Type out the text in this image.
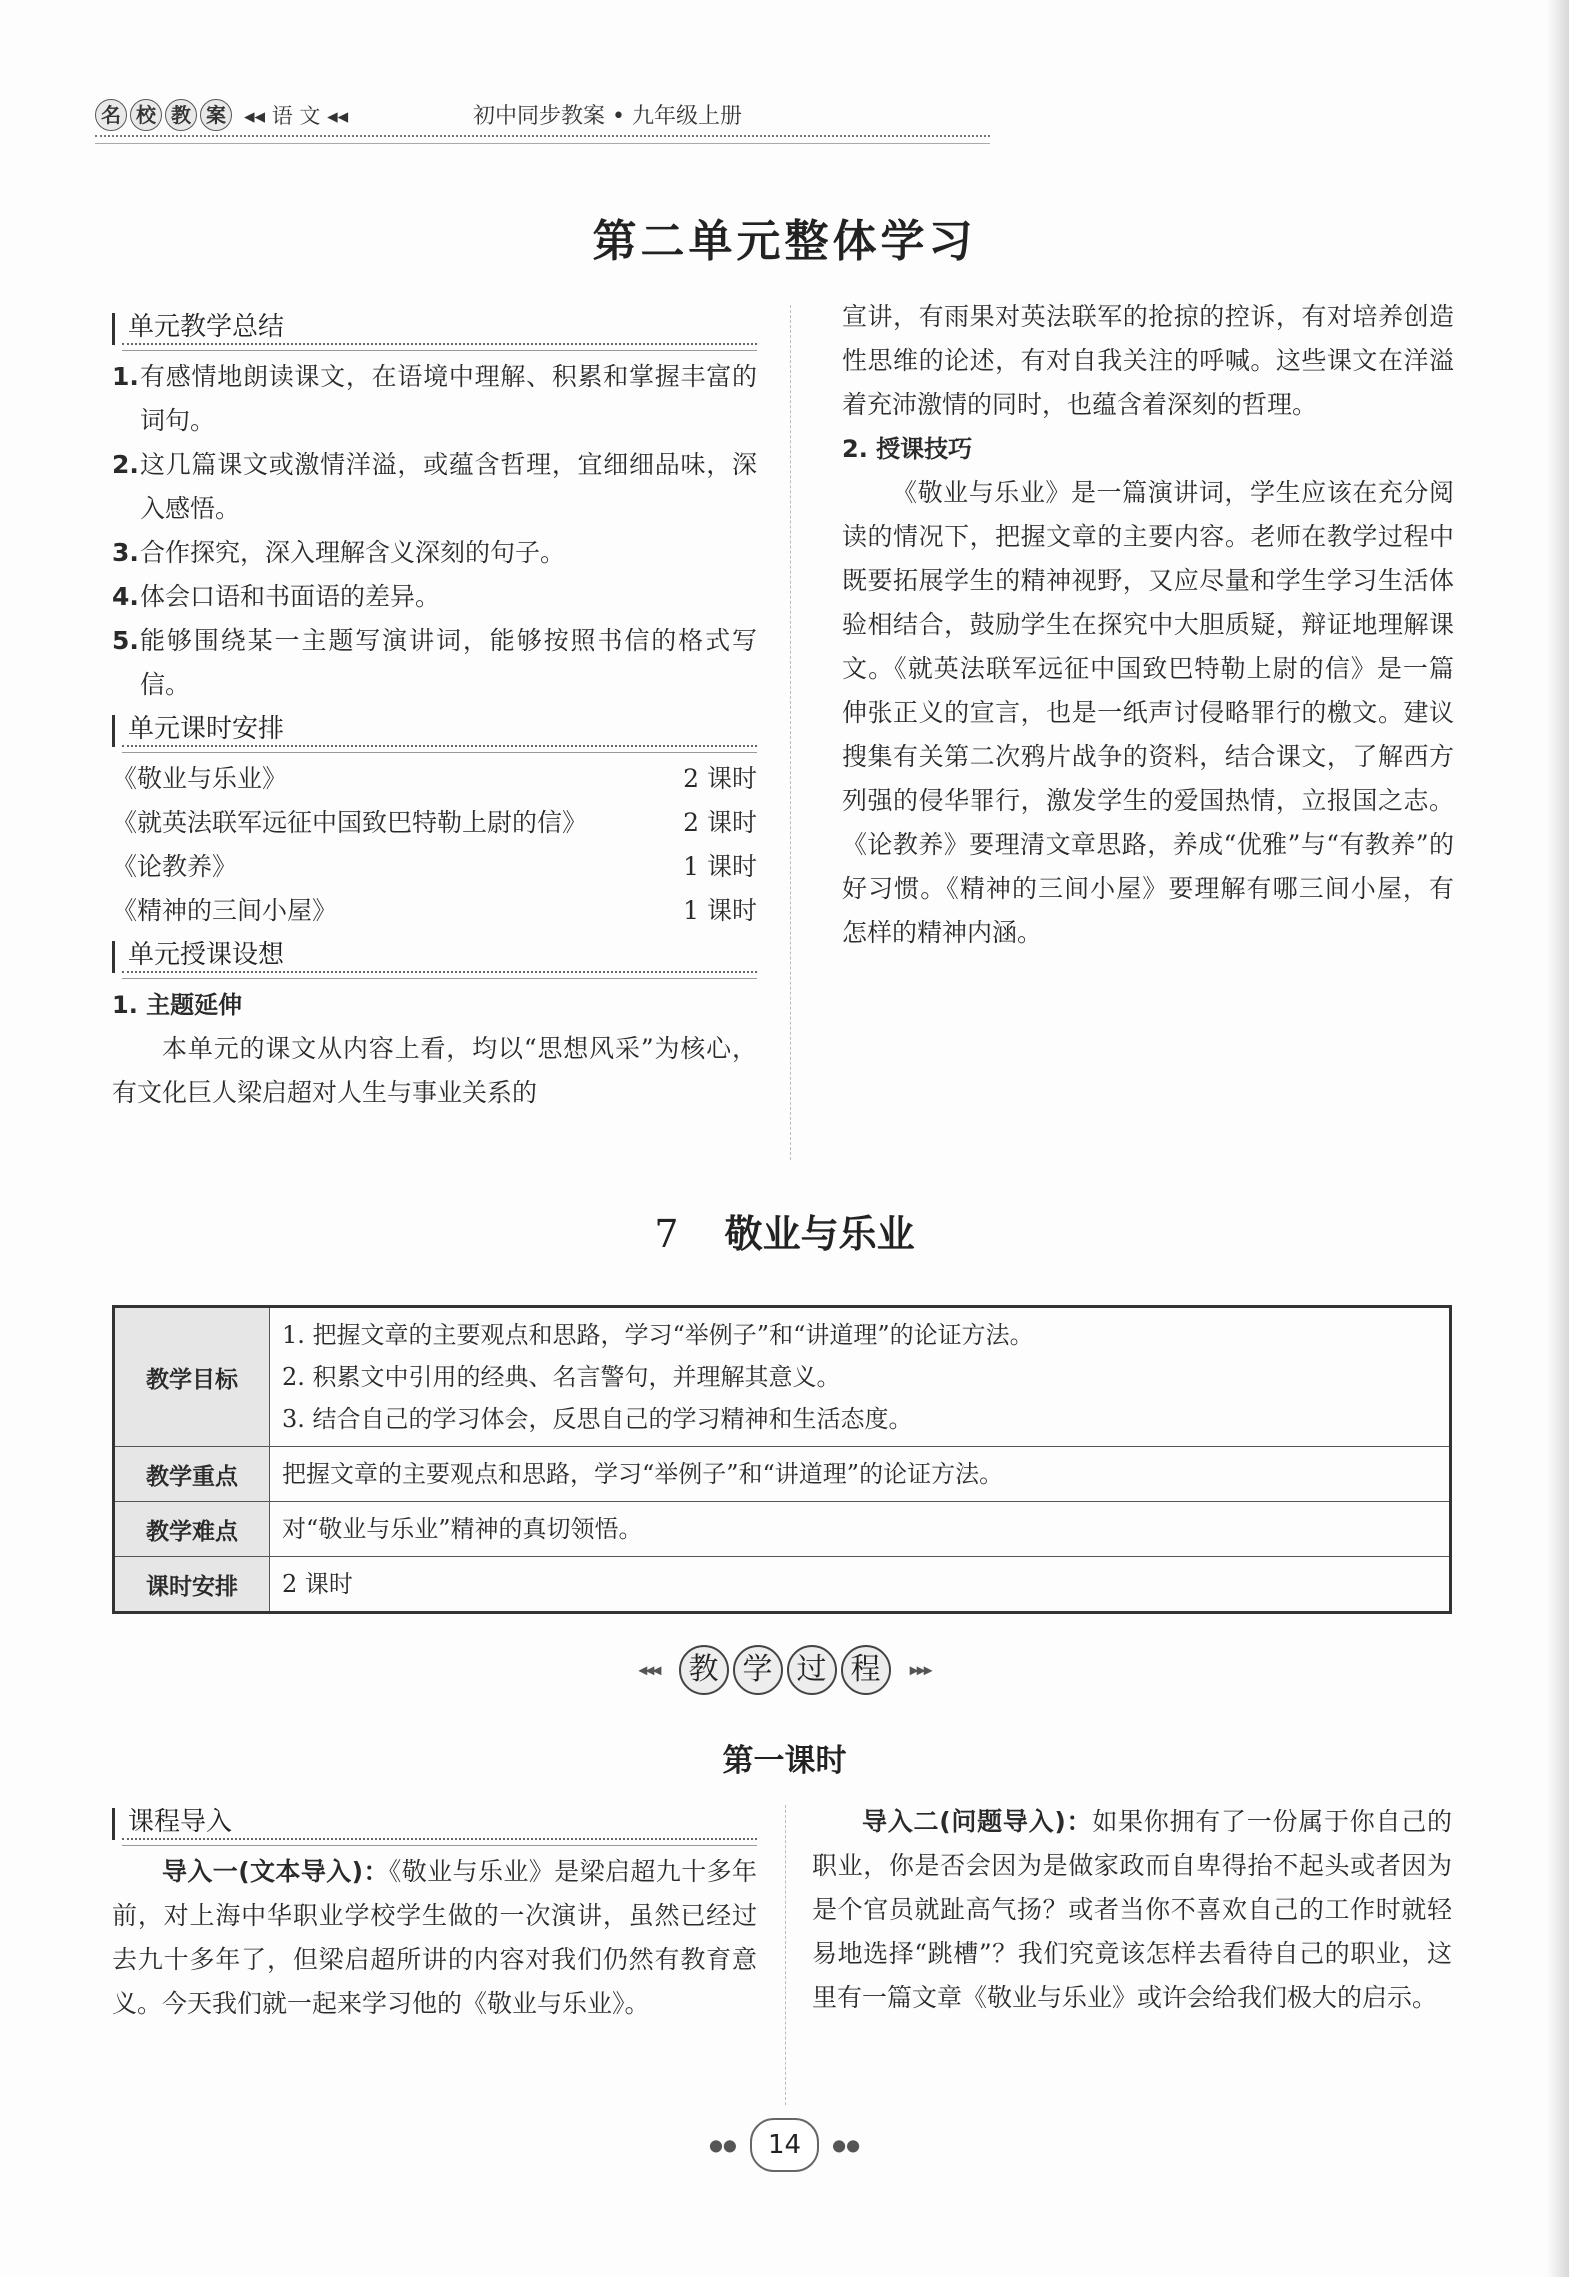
名 校 教 案 ◂◂ 语 文 ◂◂	初中同步教案 • 九年级上册
第二单元整体学习
单元教学总结
1. 有感情地朗读课文，在语境中理解、积累和掌握丰富的词句。
2. 这几篇课文或激情洋溢，或蕴含哲理，宜细细品味，深入感悟。
3. 合作探究，深入理解含义深刻的句子。
4. 体会口语和书面语的差异。
5. 能够围绕某一主题写演讲词，能够按照书信的格式写信。
单元课时安排
《敬业与乐业》	2 课时
《就英法联军远征中国致巴特勒上尉的信》	2 课时
《论教养》	1 课时
《精神的三间小屋》	1 课时
单元授课设想
1. 主题延伸
本单元的课文从内容上看，均以“思想风采”为核心，有文化巨人梁启超对人生与事业关系的
宣讲，有雨果对英法联军的抢掠的控诉，有对培养创造性思维的论述，有对自我关注的呼喊。这些课文在洋溢着充沛激情的同时，也蕴含着深刻的哲理。
2. 授课技巧
《敬业与乐业》是一篇演讲词，学生应该在充分阅读的情况下，把握文章的主要内容。老师在教学过程中既要拓展学生的精神视野，又应尽量和学生学习生活体验相结合，鼓励学生在探究中大胆质疑，辩证地理解课文。《就英法联军远征中国致巴特勒上尉的信》是一篇伸张正义的宣言，也是一纸声讨侵略罪行的檄文。建议搜集有关第二次鸦片战争的资料，结合课文，了解西方列强的侵华罪行，激发学生的爱国热情，立报国之志。《论教养》要理清文章思路，养成“优雅”与“有教养”的好习惯。《精神的三间小屋》要理解有哪三间小屋，有怎样的精神内涵。
7 敬业与乐业
教学目标	1. 把握文章的主要观点和思路，学习“举例子”和“讲道理”的论证方法。
2. 积累文中引用的经典、名言警句，并理解其意义。
3. 结合自己的学习体会，反思自己的学习精神和生活态度。

教学重点	把握文章的主要观点和思路，学习“举例子”和“讲道理”的论证方法。
教学难点	对“敬业与乐业”精神的真切领悟。
课时安排	2 课时
◂◂◂ 教 学 过 程	▸▸▸
第一课时
课程导入
导入一(文本导入)：《敬业与乐业》是梁启超九十多年前，对上海中华职业学校学生做的一次演讲，虽然已经过去九十多年了，但梁启超所讲的内容对我们仍然有教育意义。今天我们就一起来学习他的《敬业与乐业》。
导入二(问题导入)：如果你拥有了一份属于你自己的职业，你是否会因为是做家政而自卑得抬不起头或者因为是个官员就趾高气扬？或者当你不喜欢自己的工作时就轻易地选择“跳槽”？我们究竟该怎样去看待自己的职业，这里有一篇文章《敬业与乐业》或许会给我们极大的启示。
●● 14 ●●
